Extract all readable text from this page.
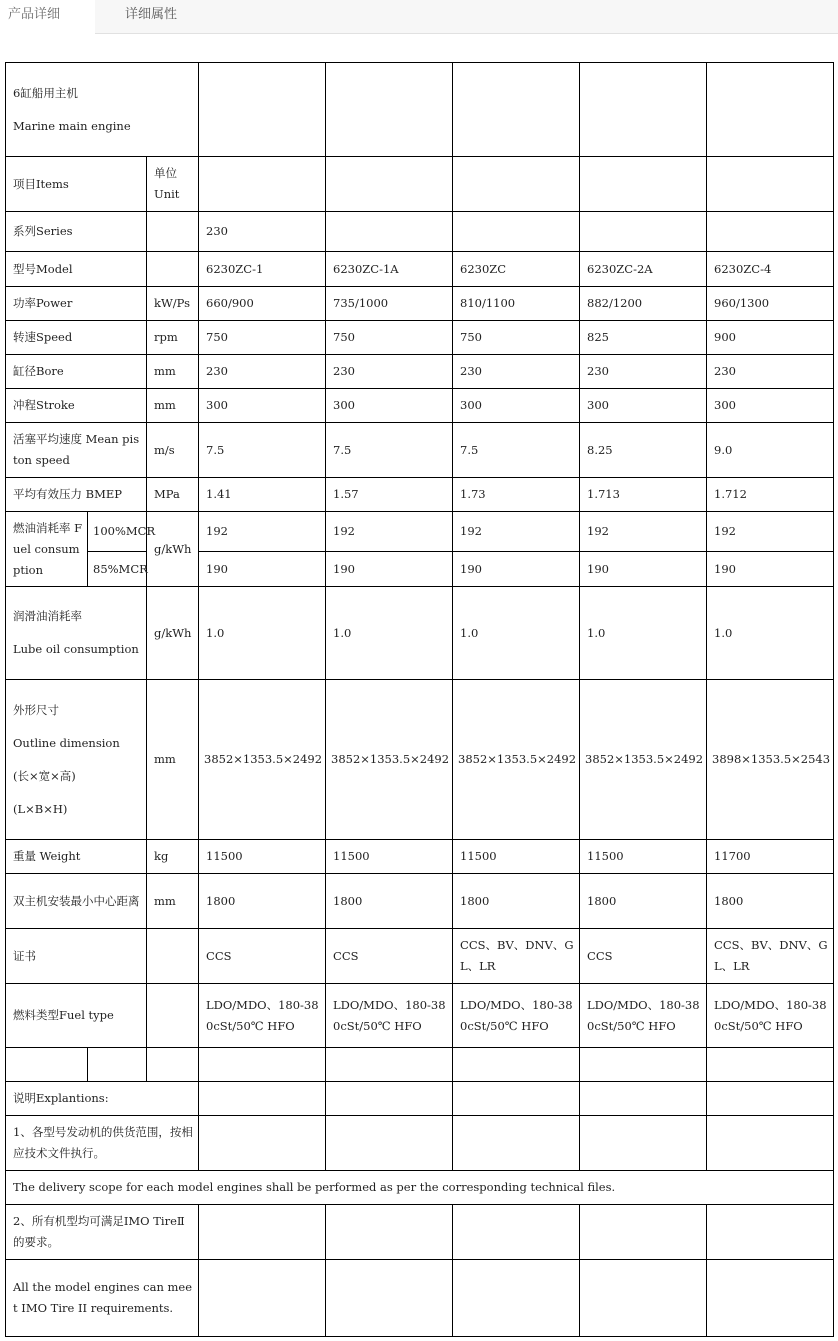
产品详细	详细属性
6缸船用主机
Marine main engine							

项目Items		单位
Unit					

系列Series			230				
型号Model			6230ZC-1	6230ZC-1A	6230ZC	6230ZC-2A	6230ZC-4
功率Power		kW/Ps	660/900	735/1000	810/1100	882/1200	960/1300
转速Speed		rpm	750	750	750	825	900
缸径Bore		mm	230	230	230	230	230
冲程Stroke		mm	300	300	300	300	300
活塞平均速度 Mean piston speed		m/s	7.5	7.5	7.5	8.25	9.0
平均有效压力 BMEP		MPa	1.41	1.57	1.73	1.713	1.712
燃油消耗率 Fuel consumption	100%MCR	g/kWh	192	192	192	192	192
	85%MCR		190	190	190	190	190

润滑油消耗率
Lube oil consumption		g/kWh	1.0	1.0	1.0	1.0	1.0

外形尺寸
Outline dimension
(长×宽×高)
(L×B×H)		mm	3852×1353.5×2492	3852×1353.5×2492	3852×1353.5×2492	3852×1353.5×2492	3898×1353.5×2543
重量 Weight		kg	11500	11500	11500	11500	11700
双主机安装最小中心距离		mm	1800	1800	1800	1800	1800
证书			CCS	CCS	CCS、BV、DNV、GL、LR	CCS	CCS、BV、DNV、GL、LR
燃料类型Fuel type			LDO/MDO、180-380cSt/50℃ HFO	LDO/MDO、180-380cSt/50℃ HFO	LDO/MDO、180-380cSt/50℃ HFO	LDO/MDO、180-380cSt/50℃ HFO	LDO/MDO、180-380cSt/50℃ HFO

说明Explantions:							
1、各型号发动机的供货范围，按相应技术文件执行。							
The delivery scope for each model engines shall be performed as per the corresponding technical files.							
2、所有机型均可满足IMO TireⅡ的要求。							
All the model engines can meet IMO Tire II requirements.							
